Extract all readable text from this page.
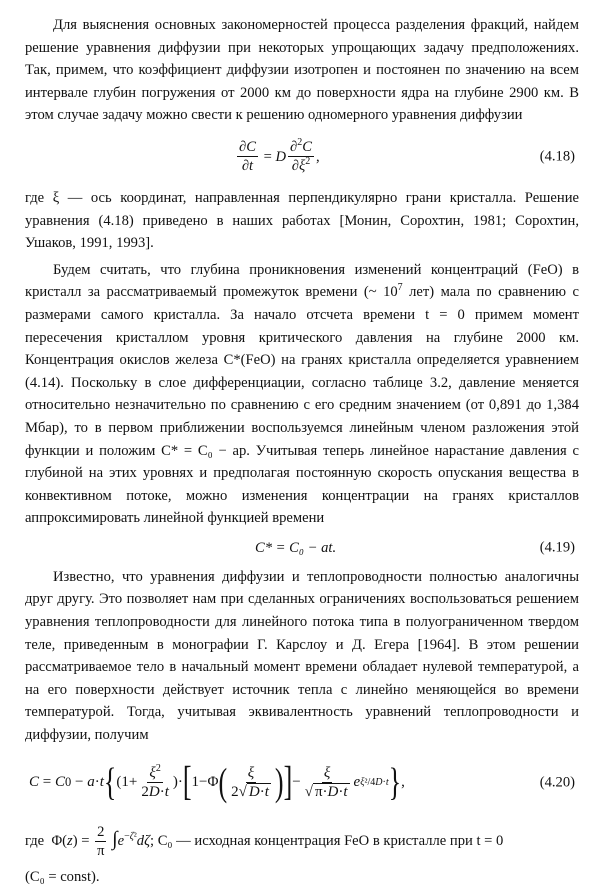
Для выяснения основных закономерностей процесса разделения фракций, найдем решение уравнения диффузии при некоторых упрощающих задачу предположениях. Так, примем, что коэффициент диффузии изотропен и постоянен по значению на всем интервале глубин погружения от 2000 км до поверхности ядра на глубине 2900 км. В этом случае задачу можно свести к решению одномерного уравнения диффузии

$\frac{\partial C}{\partial t} = D \frac{\partial^2C}{\partial\xi^2}$ ,	(4.18)

где ξ — ось координат, направленная перпендикулярно грани кристалла. Решение уравнения (4.18) приведено в наших работах [Монин, Сорохтин, 1981; Сорохтин, Ушаков, 1991, 1993].

Будем считать, что глубина проникновения изменений концентраций (FeO) в кристалл за рассматриваемый промежуток времени (~ $10^7$ лет) мала по сравнению с размерами самого кристалла. За начало отсчета времени t = 0 примем момент пересечения кристаллом уровня критического давления на глубине 2000 км. Концентрация окислов железа C*(FeO) на гранях кристалла определяется уравнением (4.14). Поскольку в слое дифференциации, согласно таблице 3.2, давление меняется относительно незначительно по сравнению с его средним значением (от 0,891 до 1,384 Мбар), то в первом приближении воспользуемся линейным членом разложения этой функции и положим C* = C₀ − ap. Учитывая теперь линейное нарастание давления с глубиной на этих уровнях и предполагая постоянную скорость опускания вещества в конвективном потоке, можно изменения концентрации на гранях кристаллов аппроксимировать линейной функцией времени

C* = C₀ − at.	(4.19)

Известно, что уравнения диффузии и теплопроводности полностью аналогичны друг другу. Это позволяет нам при сделанных ограничениях воспользоваться решением уравнения теплопроводности для линейного потока типа в полуограниченном твердом теле, приведенным в монографии Г. Карслоу и Д. Егера [1964]. В этом решении рассматриваемое тело в начальный момент времени обладает нулевой температурой, а на его поверхности действует источник тепла с линейно меняющейся во времени температурой. Тогда, учитывая эквивалентность уравнений теплопроводности и диффузии, получим

C = C 0 − a · t { ($1+ \frac{\xi^2}{2D\cdot t}$ )· [ 1−Φ ( $\frac{\xi}{2√ D\cdot t}$ ) ] − $\frac{\xi}{√ \pi\cdot D\cdot t}$ e ξ²/4D·t } ,	(4.20)

где  $\Phi(z) = \frac{2}{\pi} \int e^{-\zeta^2}d\zeta$; C₀ — исходная концентрация FeO в кристалле при t = 0

(C₀ = const).
